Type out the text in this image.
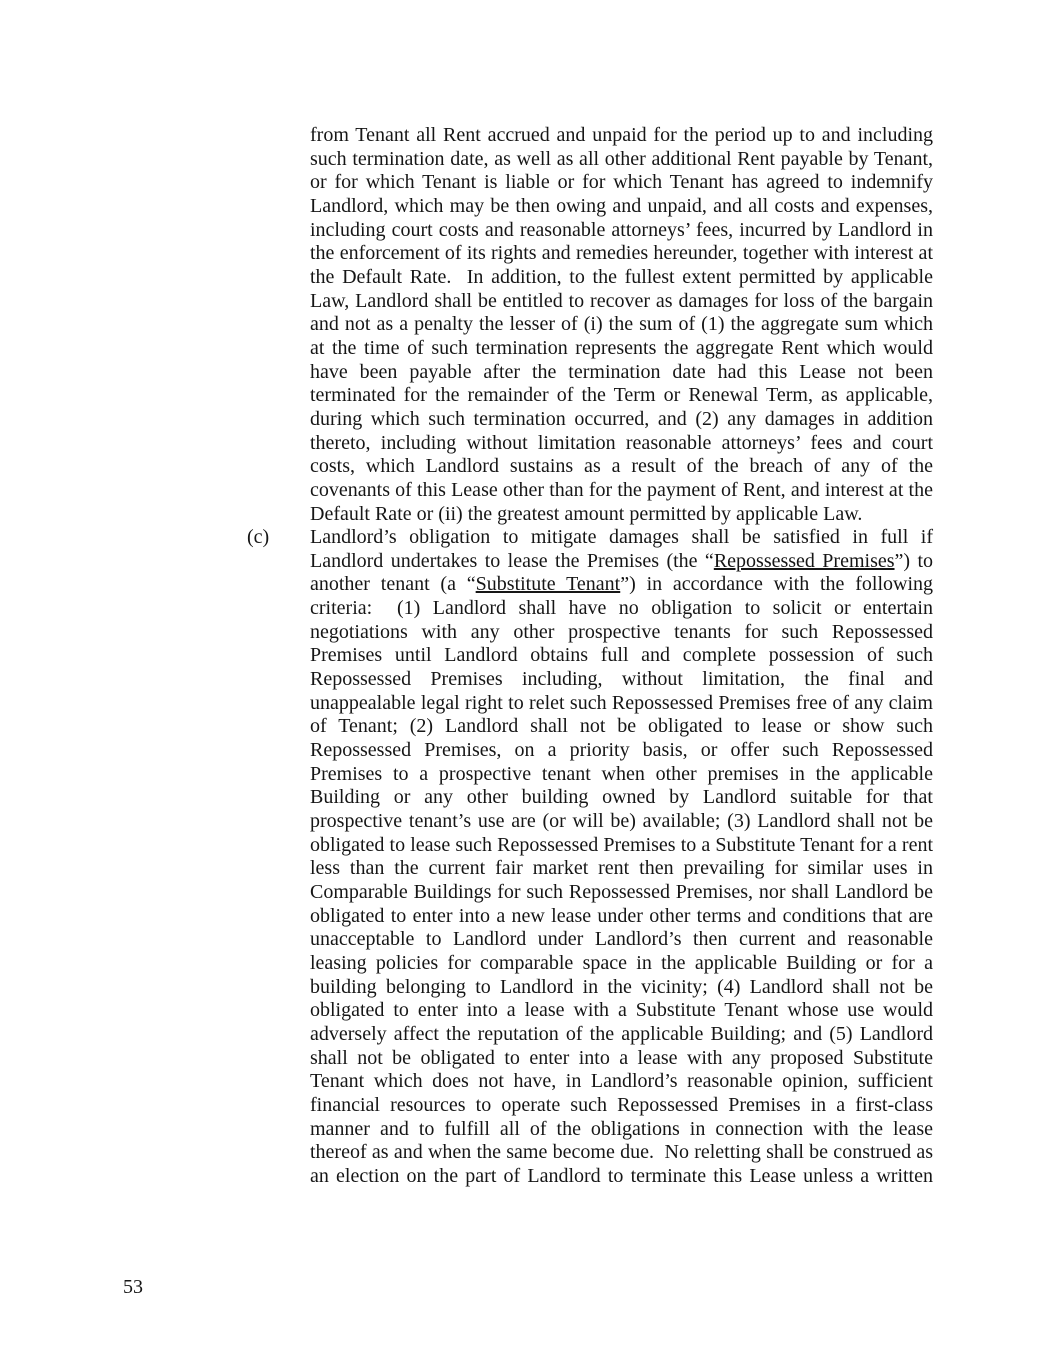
from Tenant all Rent accrued and unpaid for the period up to and including such termination date, as well as all other additional Rent payable by Tenant, or for which Tenant is liable or for which Tenant has agreed to indemnify Landlord, which may be then owing and unpaid, and all costs and expenses, including court costs and reasonable attorneys’ fees, incurred by Landlord in the enforcement of its rights and remedies hereunder, together with interest at the Default Rate.  In addition, to the fullest extent permitted by applicable Law, Landlord shall be entitled to recover as damages for loss of the bargain and not as a penalty the lesser of (i) the sum of (1) the aggregate sum which at the time of such termination represents the aggregate Rent which would have been payable after the termination date had this Lease not been terminated for the remainder of the Term or Renewal Term, as applicable, during which such termination occurred, and (2) any damages in addition thereto, including without limitation reasonable attorneys’ fees and court costs, which Landlord sustains as a result of the breach of any of the covenants of this Lease other than for the payment of Rent, and interest at the Default Rate or (ii) the greatest amount permitted by applicable Law.

(c) Landlord’s obligation to mitigate damages shall be satisfied in full if Landlord undertakes to lease the Premises (the “Repossessed Premises”) to another tenant (a “Substitute Tenant”) in accordance with the following criteria:  (1) Landlord shall have no obligation to solicit or entertain negotiations with any other prospective tenants for such Repossessed Premises until Landlord obtains full and complete possession of such Repossessed Premises including, without limitation, the final and unappealable legal right to relet such Repossessed Premises free of any claim of Tenant; (2) Landlord shall not be obligated to lease or show such Repossessed Premises, on a priority basis, or offer such Repossessed Premises to a prospective tenant when other premises in the applicable Building or any other building owned by Landlord suitable for that prospective tenant’s use are (or will be) available; (3) Landlord shall not be obligated to lease such Repossessed Premises to a Substitute Tenant for a rent less than the current fair market rent then prevailing for similar uses in Comparable Buildings for such Repossessed Premises, nor shall Landlord be obligated to enter into a new lease under other terms and conditions that are unacceptable to Landlord under Landlord’s then current and reasonable leasing policies for comparable space in the applicable Building or for a building belonging to Landlord in the vicinity; (4) Landlord shall not be obligated to enter into a lease with a Substitute Tenant whose use would adversely affect the reputation of the applicable Building; and (5) Landlord shall not be obligated to enter into a lease with any proposed Substitute Tenant which does not have, in Landlord’s reasonable opinion, sufficient financial resources to operate such Repossessed Premises in a first-class manner and to fulfill all of the obligations in connection with the lease thereof as and when the same become due.  No reletting shall be construed as an election on the part of Landlord to terminate this Lease unless a written

53
